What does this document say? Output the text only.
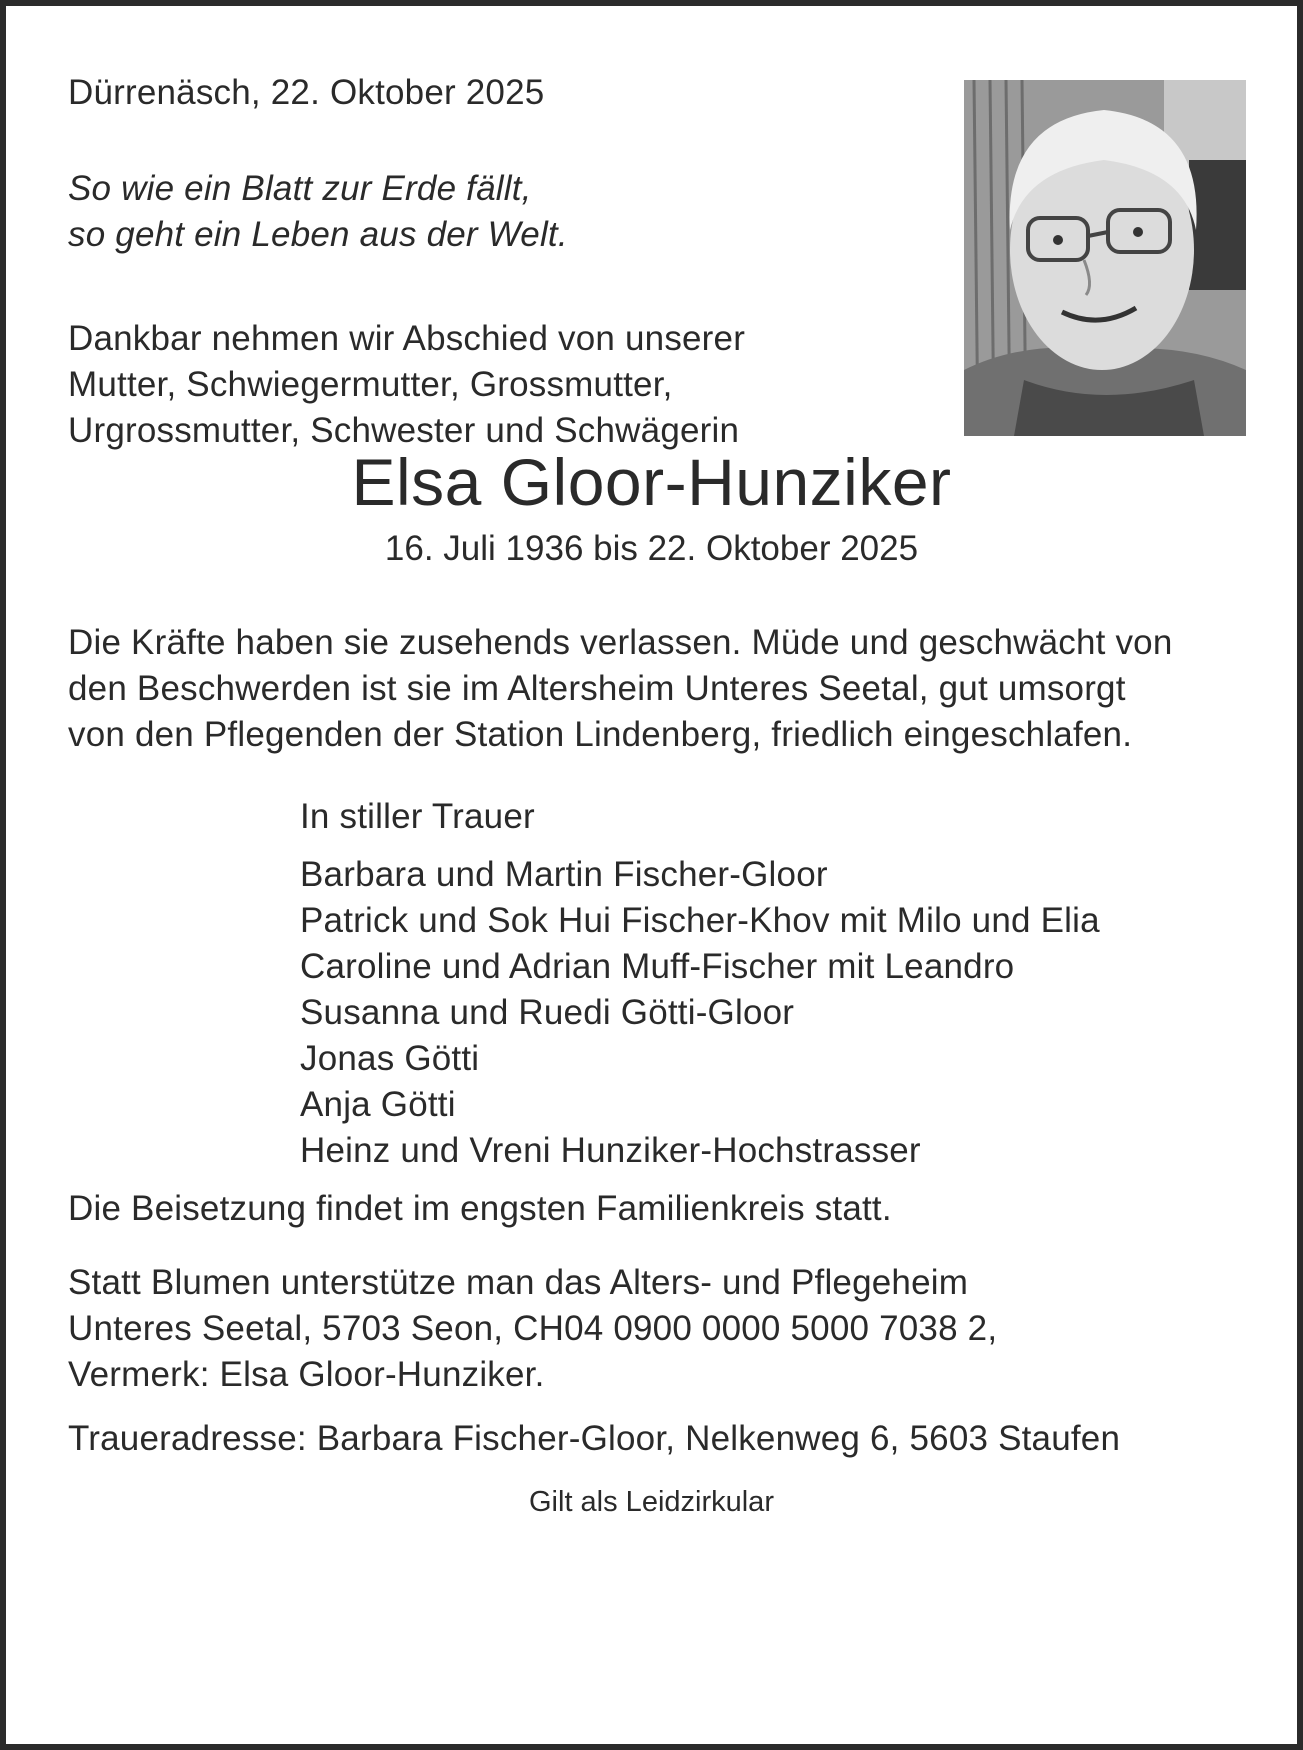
Dürrenäsch, 22. Oktober 2025
So wie ein Blatt zur Erde fällt,
so geht ein Leben aus der Welt.
Dankbar nehmen wir Abschied von unserer
Mutter, Schwiegermutter, Grossmutter,
Urgrossmutter, Schwester und Schwägerin
Elsa Gloor-Hunziker
16. Juli 1936 bis 22. Oktober 2025
Die Kräfte haben sie zusehends verlassen. Müde und geschwächt von
den Beschwerden ist sie im Altersheim Unteres Seetal, gut umsorgt
von den Pflegenden der Station Lindenberg, friedlich eingeschlafen.
In stiller Trauer
Barbara und Martin Fischer-Gloor
Patrick und Sok Hui Fischer-Khov mit Milo und Elia
Caroline und Adrian Muff-Fischer mit Leandro
Susanna und Ruedi Götti-Gloor
Jonas Götti
Anja Götti
Heinz und Vreni Hunziker-Hochstrasser
Die Beisetzung findet im engsten Familienkreis statt.
Statt Blumen unterstütze man das Alters- und Pflegeheim
Unteres Seetal, 5703 Seon, CH04 0900 0000 5000 7038 2,
Vermerk: Elsa Gloor-Hunziker.
Traueradresse: Barbara Fischer-Gloor, Nelkenweg 6, 5603 Staufen
Gilt als Leidzirkular
